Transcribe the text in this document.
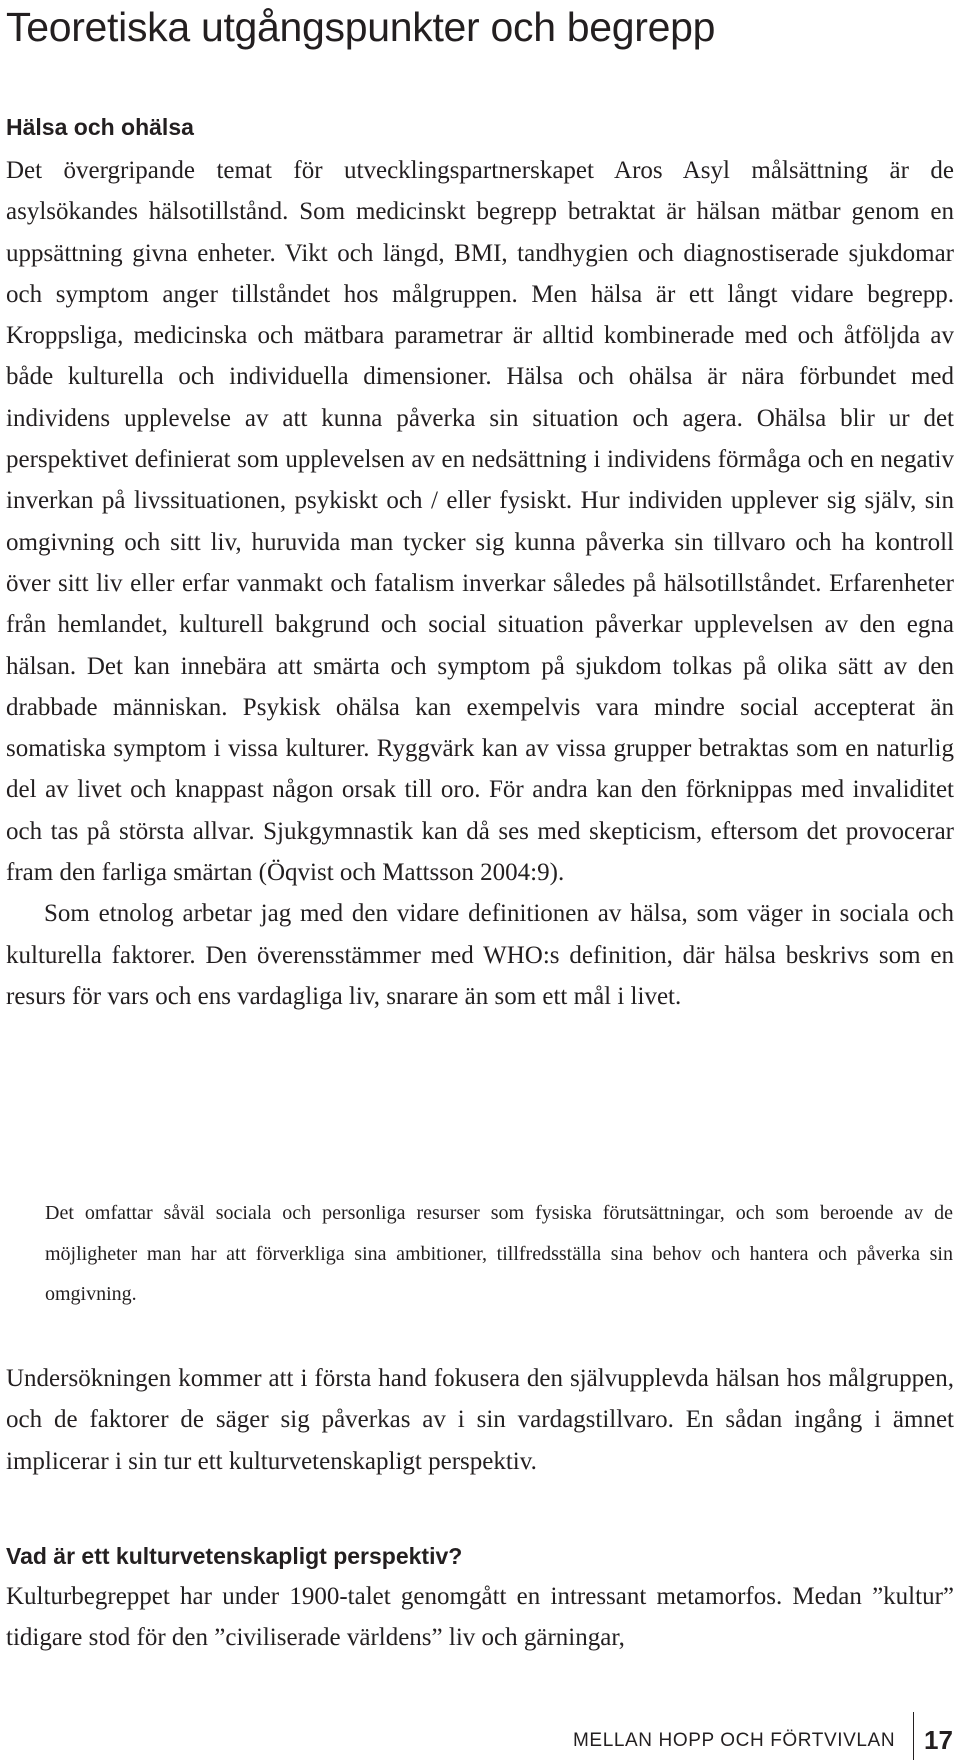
Teoretiska utgångspunkter och begrepp
Hälsa och ohälsa

Det övergripande temat för utvecklingspartnerskapet Aros Asyl målsättning är de asylsökandes hälsotillstånd. Som medicinskt begrepp betraktat är hälsan mätbar genom en uppsättning givna enheter. Vikt och längd, BMI, tandhygien och diagnostiserade sjukdomar och symptom anger tillståndet hos målgruppen. Men hälsa är ett långt vidare begrepp. Kroppsliga, medicinska och mätbara parametrar är alltid kombinerade med och åtföljda av både kulturella och individuella dimensioner. Hälsa och ohälsa är nära förbundet med individens upplevelse av att kunna påverka sin situation och agera. Ohälsa blir ur det perspektivet definierat som upplevelsen av en nedsättning i individens förmåga och en negativ inverkan på livssituationen, psykiskt och / eller fysiskt. Hur individen upplever sig själv, sin omgivning och sitt liv, huruvida man tycker sig kunna påverka sin tillvaro och ha kontroll över sitt liv eller erfar vanmakt och fatalism inverkar således på hälsotillståndet. Erfarenheter från hemlandet, kulturell bakgrund och social situation påverkar upplevelsen av den egna hälsan. Det kan innebära att smärta och symptom på sjukdom tolkas på olika sätt av den drabbade människan. Psykisk ohälsa kan exempelvis vara mindre social accepterat än somatiska symptom i vissa kulturer. Ryggvärk kan av vissa grupper betraktas som en naturlig del av livet och knappast någon orsak till oro. För andra kan den förknippas med invaliditet och tas på största allvar. Sjukgymnastik kan då ses med skepticism, eftersom det provocerar fram den farliga smärtan (Öqvist och Mattsson 2004:9).
Som etnolog arbetar jag med den vidare definitionen av hälsa, som väger in sociala och kulturella faktorer. Den överensstämmer med WHO:s definition, där hälsa beskrivs som en resurs för vars och ens vardagliga liv, snarare än som ett mål i livet.

Det omfattar såväl sociala och personliga resurser som fysiska förutsättningar, och som beroende av de möjligheter man har att förverkliga sina ambitioner, tillfredsställa sina behov och hantera och påverka sin omgivning.

Undersökningen kommer att i första hand fokusera den självupplevda hälsan hos målgruppen, och de faktorer de säger sig påverkas av i sin vardagstillvaro. En sådan ingång i ämnet implicerar i sin tur ett kulturvetenskapligt perspektiv.

Vad är ett kulturvetenskapligt perspektiv?

Kulturbegreppet har under 1900-talet genomgått en intressant metamorfos. Medan ”kultur” tidigare stod för den ”civiliserade världens” liv och gärningar,

MELLAN HOPP OCH FÖRTVIVLAN 17
